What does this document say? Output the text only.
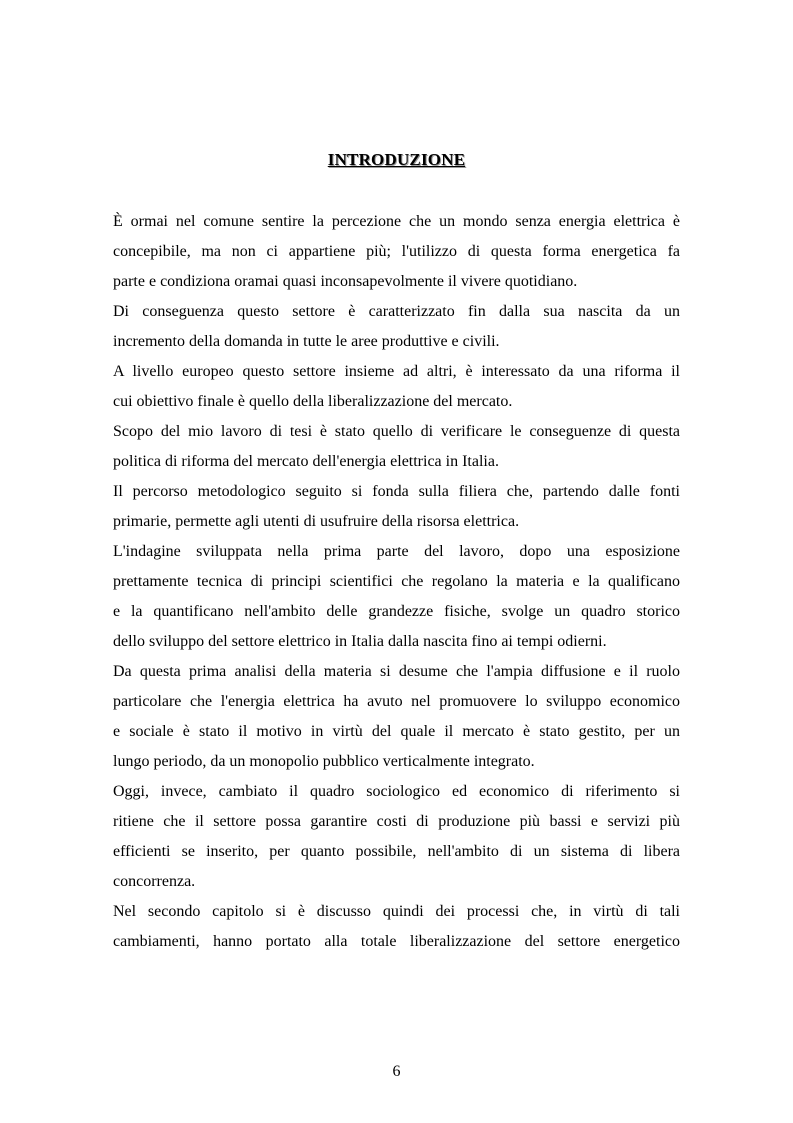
INTRODUZIONE

È ormai nel comune sentire la percezione che un mondo senza energia elettrica è
concepibile, ma non ci appartiene più; l'utilizzo di questa forma energetica fa
parte e condiziona oramai quasi inconsapevolmente il vivere quotidiano.

Di conseguenza questo settore è caratterizzato fin dalla sua nascita da un
incremento della domanda in tutte le aree produttive e civili.

A livello europeo questo settore insieme ad altri, è interessato da una riforma il
cui obiettivo finale è quello della liberalizzazione del mercato.

Scopo del mio lavoro di tesi è stato quello di verificare le conseguenze di questa
politica di riforma del mercato dell'energia elettrica in Italia.

Il percorso metodologico seguito si fonda sulla filiera che, partendo dalle fonti
primarie, permette agli utenti di usufruire della risorsa elettrica.

L'indagine sviluppata nella prima parte del lavoro, dopo una esposizione
prettamente tecnica di principi scientifici che regolano la materia e la qualificano
e la quantificano nell'ambito delle grandezze fisiche, svolge un quadro storico
dello sviluppo del settore elettrico in Italia dalla nascita fino ai tempi odierni.

Da questa prima analisi della materia si desume che l'ampia diffusione e il ruolo
particolare che l'energia elettrica ha avuto nel promuovere lo sviluppo economico
e sociale è stato il motivo in virtù del quale il mercato è stato gestito, per un
lungo periodo, da un monopolio pubblico verticalmente integrato.

Oggi, invece, cambiato il quadro sociologico ed economico di riferimento si
ritiene che il settore possa garantire costi di produzione più bassi e servizi più
efficienti se inserito, per quanto possibile, nell'ambito di un sistema di libera
concorrenza.

Nel secondo capitolo si è discusso quindi dei processi che, in virtù di tali
cambiamenti, hanno portato alla totale liberalizzazione del settore energetico

6
